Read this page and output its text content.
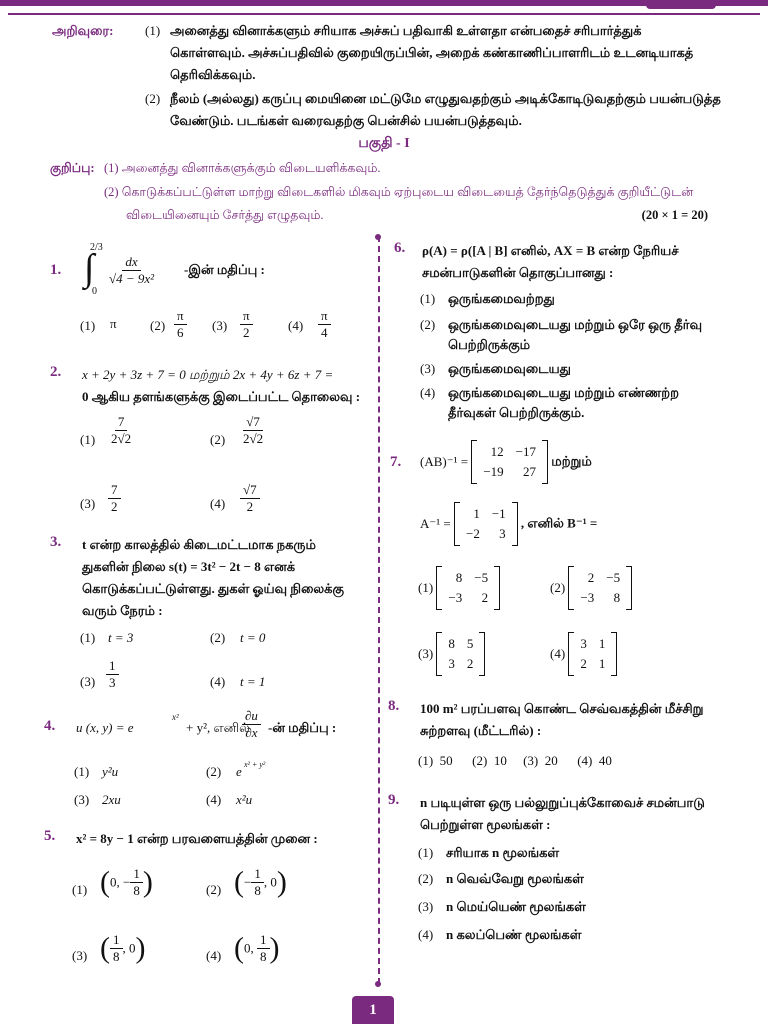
அறிவுரை: (1) அனைத்து வினாக்களும் சரியாக அச்சுப் பதிவாகி உள்ளதா என்பதைச் சரிபார்த்துக்
கொள்ளவும். அச்சுப்பதிவில் குறையிருப்பின், அறைக் கண்காணிப்பாளரிடம் உடனடியாகத்
தெரிவிக்கவும்.
(2) நீலம் (அல்லது) கருப்பு மையினை மட்டுமே எழுதுவதற்கும் அடிக்கோடிடுவதற்கும் பயன்படுத்த
வேண்டும். படங்கள் வரைவதற்கு பென்சில் பயன்படுத்தவும்.
பகுதி - I
குறிப்பு: (1) அனைத்து வினாக்களுக்கும் விடையளிக்கவும்.
(2) கொடுக்கப்பட்டுள்ள மாற்று விடைகளில் மிகவும் ஏற்புடைய விடையைத் தேர்ந்தெடுத்துக் குறியீட்டுடன்
விடையினையும் சேர்த்து எழுதவும்.	(20 × 1 = 20)
1.
2/3
∫
0
$\frac{dx}{\text{√4 − 9x²}}$ -இன் மதிப்பு :
(1) π	$(2) \frac{\pi}{6} (3) \frac{\pi}{2}$	$(4) \frac{\pi}{4}$
2. x + 2y + 3z + 7 = 0 மற்றும் 2x + 4y + 6z + 7 =
0 ஆகிய தளங்களுக்கு இடைப்பட்ட தொலைவு :
$(1) \frac{7}{2√2}$	$(2) \frac{√7}{2√2}$
$(3) \frac{7}{2}$	$(4) \frac{√7}{2}$
3. t என்ற காலத்தில் கிடைமட்டமாக நகரும்
துகளின் நிலை s(t) = 3t² − 2t − 8 எனக்
கொடுக்கப்பட்டுள்ளது. துகள் ஓய்வு நிலைக்கு
வரும் நேரம் :
(1) t = 3	(2) t = 0
$(3) \frac{1}{3}$	(4) t = 1
4. u (x, y) = e
x²
+ y², எனில்
$\frac{\partial u}{\partial x}$ -ன் மதிப்பு :
(1) y²u	(2) e x² + y²
(3) 2xu	(4) x²u
5. x² = 8y − 1 என்ற பரவளையத்தின் முனை :
(1) (0, − $\frac{1}{8}$ )	(2) (− $\frac{1}{8}$ , 0)
(3) ( $\frac{1}{8}$ , 0)	(4) (0, $\frac{1}{8}$ )
6. ρ(A) = ρ([A | B] எனில், AX = B என்ற நேரியச்
சமன்பாடுகளின் தொகுப்பானது :
(1) ஒருங்கமைவற்றது
(2) ஒருங்கமைவுடையது மற்றும் ஒரே ஒரு தீர்வு
பெற்றிருக்கும்
(3) ஒருங்கமைவுடையது
(4) ஒருங்கமைவுடையது மற்றும் எண்ணற்ற
தீர்வுகள் பெற்றிருக்கும்.
7. (AB)⁻¹ =
12 −17
−19	27
மற்றும்
A⁻¹ =
1 −1
−2	3
, எனில் B⁻¹ =
(1)
8 −5
−3	2
(2)
2 −5
−3	8
(3)
8 5
3 2
(4)
3 1
2 1
8. 100 m² பரப்பளவு கொண்ட செவ்வகத்தின் மீச்சிறு
சுற்றளவு (மீட்டரில்) :
(1)  50      (2)  10     (3)  20      (4)  40
9. n படியுள்ள ஒரு பல்லுறுப்புக்கோவைச் சமன்பாடு
பெற்றுள்ள மூலங்கள் :
(1) சரியாக n மூலங்கள்
(2) n வெவ்வேறு மூலங்கள்
(3) n மெய்யெண் மூலங்கள்
(4) n கலப்பெண் மூலங்கள்
1
